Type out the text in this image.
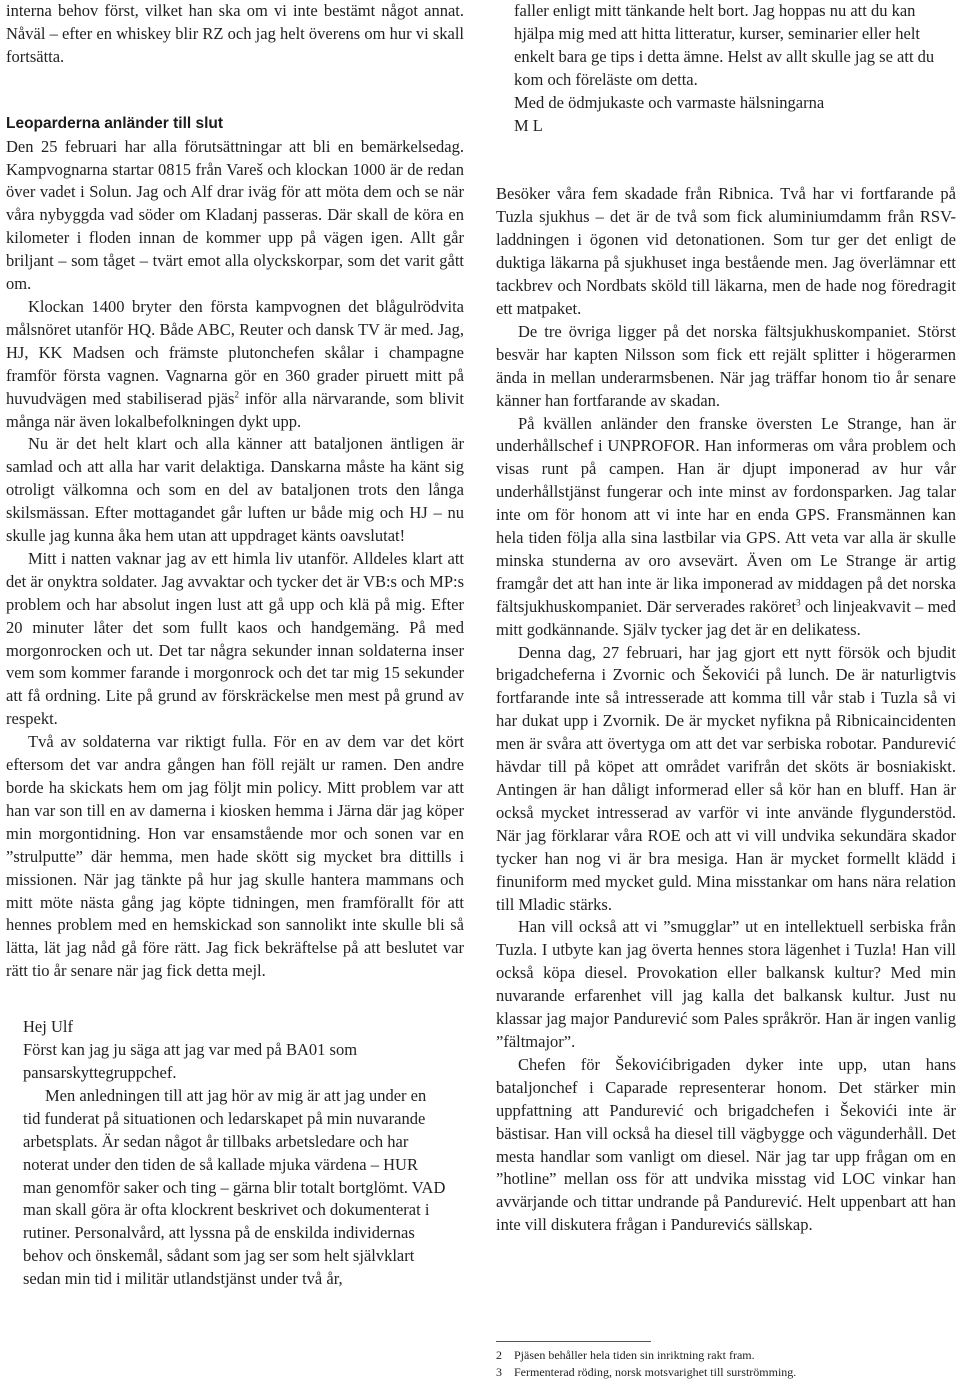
interna behov först, vilket han ska om vi inte bestämt något annat. Nåväl – efter en whiskey blir RZ och jag helt överens om hur vi skall fortsätta.

Leoparderna anländer till slut

Den 25 februari har alla förutsättningar att bli en bemärkelsedag. Kampvognarna startar 0815 från Vareš och klockan 1000 är de redan över vadet i Solun. Jag och Alf drar iväg för att möta dem och se när våra nybyggda vad söder om Kladanj passeras. Där skall de köra en kilometer i floden innan de kommer upp på vägen igen. Allt går briljant – som tåget – tvärt emot alla olyckskorpar, som det varit gått om.

Klockan 1400 bryter den första kampvognen det blågulrödvita målsnöret utanför HQ. Både ABC, Reuter och dansk TV är med. Jag, HJ, KK Madsen och främste plutonchefen skålar i champagne framför första vagnen. Vagnarna gör en 360 grader piruett mitt på huvudvägen med stabiliserad pjäs$^2$ inför alla närvarande, som blivit många när även lokalbefolkningen dykt upp.

Nu är det helt klart och alla känner att bataljonen äntligen är samlad och att alla har varit delaktiga. Danskarna måste ha känt sig otroligt välkomna och som en del av bataljonen trots den långa skilsmässan. Efter mottagandet går luften ur både mig och HJ – nu skulle jag kunna åka hem utan att uppdraget känts oavslutat!

Mitt i natten vaknar jag av ett himla liv utanför. Alldeles klart att det är onyktra soldater. Jag avvaktar och tycker det är VB:s och MP:s problem och har absolut ingen lust att gå upp och klä på mig. Efter 20 minuter låter det som fullt kaos och handgemäng. På med morgonrocken och ut. Det tar några sekunder innan soldaterna inser vem som kommer farande i morgonrock och det tar mig 15 sekunder att få ordning. Lite på grund av förskräckelse men mest på grund av respekt.

Två av soldaterna var riktigt fulla. För en av dem var det kört eftersom det var andra gången han föll rejält ur ramen. Den andre borde ha skickats hem om jag följt min policy. Mitt problem var att han var son till en av damerna i kiosken hemma i Järna där jag köper min morgontidning. Hon var ensamstående mor och sonen var en ”strulputte” där hemma, men hade skött sig mycket bra dittills i missionen. När jag tänkte på hur jag skulle hantera mammans och mitt möte nästa gång jag köpte tidningen, men framförallt för att hennes problem med en hemskickad son sannolikt inte skulle bli så lätta, lät jag nåd gå före rätt. Jag fick bekräftelse på att beslutet var rätt tio år senare när jag fick detta mejl.

Hej Ulf

Först kan jag ju säga att jag var med på BA01 som pansarskyttegruppchef.

Men anledningen till att jag hör av mig är att jag under en tid funderat på situationen och ledarskapet på min nuvarande arbetsplats. Är sedan något år tillbaks arbetsledare och har noterat under den tiden de så kallade mjuka värdena – HUR man genomför saker och ting – gärna blir totalt bortglömt. VAD man skall göra är ofta klockrent beskrivet och dokumenterat i rutiner. Personalvård, att lyssna på de enskilda individernas behov och önskemål, sådant som jag ser som helt självklart sedan min tid i militär utlandstjänst under två år,

faller enligt mitt tänkande helt bort. Jag hoppas nu att du kan hjälpa mig med att hitta litteratur, kurser, seminarier eller helt enkelt bara ge tips i detta ämne. Helst av allt skulle jag se att du kom och föreläste om detta.

Med de ödmjukaste och varmaste hälsningarna

M L

Besöker våra fem skadade från Ribnica. Två har vi fortfarande på Tuzla sjukhus – det är de två som fick aluminiumdamm från RSV-laddningen i ögonen vid detonationen. Som tur ger det enligt de duktiga läkarna på sjukhuset inga bestående men. Jag överlämnar ett tackbrev och Nordbats sköld till läkarna, men de hade nog föredragit ett matpaket.

De tre övriga ligger på det norska fältsjukhuskompaniet. Störst besvär har kapten Nilsson som fick ett rejält splitter i högerarmen ända in mellan underarmsbenen. När jag träffar honom tio år senare känner han fortfarande av skadan.

På kvällen anländer den franske översten Le Strange, han är underhållschef i UNPROFOR. Han informeras om våra problem och visas runt på campen. Han är djupt imponerad av hur vår underhållstjänst fungerar och inte minst av fordonsparken. Jag talar inte om för honom att vi inte har en enda GPS. Fransmännen kan hela tiden följa alla sina lastbilar via GPS. Att veta var alla är skulle minska stunderna av oro avsevärt. Även om Le Strange är artig framgår det att han inte är lika imponerad av middagen på det norska fältsjukhuskompaniet. Där serverades raköret$^3$ och linjeakvavit – med mitt godkännande. Själv tycker jag det är en delikatess.

Denna dag, 27 februari, har jag gjort ett nytt försök och bjudit brigadcheferna i Zvornic och Šekovići på lunch. De är naturligtvis fortfarande inte så intresserade att komma till vår stab i Tuzla så vi har dukat upp i Zvornik. De är mycket nyfikna på Ribnicaincidenten men är svåra att övertyga om att det var serbiska robotar. Pandurević hävdar till på köpet att området varifrån det sköts är bosniakiskt. Antingen är han dåligt informerad eller så kör han en bluff. Han är också mycket intresserad av varför vi inte använde flygunderstöd. När jag förklarar våra ROE och att vi vill undvika sekundära skador tycker han nog vi är bra mesiga. Han är mycket formellt klädd i finuniform med mycket guld. Mina misstankar om hans nära relation till Mladic stärks.

Han vill också att vi ”smugglar” ut en intellektuell serbiska från Tuzla. I utbyte kan jag överta hennes stora lägenhet i Tuzla! Han vill också köpa diesel. Provokation eller balkansk kultur? Med min nuvarande erfarenhet vill jag kalla det balkansk kultur. Just nu klassar jag major Pandurević som Pales språkrör. Han är ingen vanlig ”fältmajor”.

Chefen för Šekovićibrigaden dyker inte upp, utan hans bataljonchef i Caparade representerar honom. Det stärker min uppfattning att Pandurević och brigadchefen i Šekovići inte är bästisar. Han vill också ha diesel till vägbygge och vägunderhåll. Det mesta handlar som vanligt om diesel. När jag tar upp frågan om en ”hotline” mellan oss för att undvika misstag vid LOC vinkar han avvärjande och tittar undrande på Pandurević. Helt uppenbart att han inte vill diskutera frågan i Pandurevićs sällskap.

2 Pjäsen behåller hela tiden sin inriktning rakt fram.
3 Fermenterad röding, norsk motsvarighet till surströmming.
